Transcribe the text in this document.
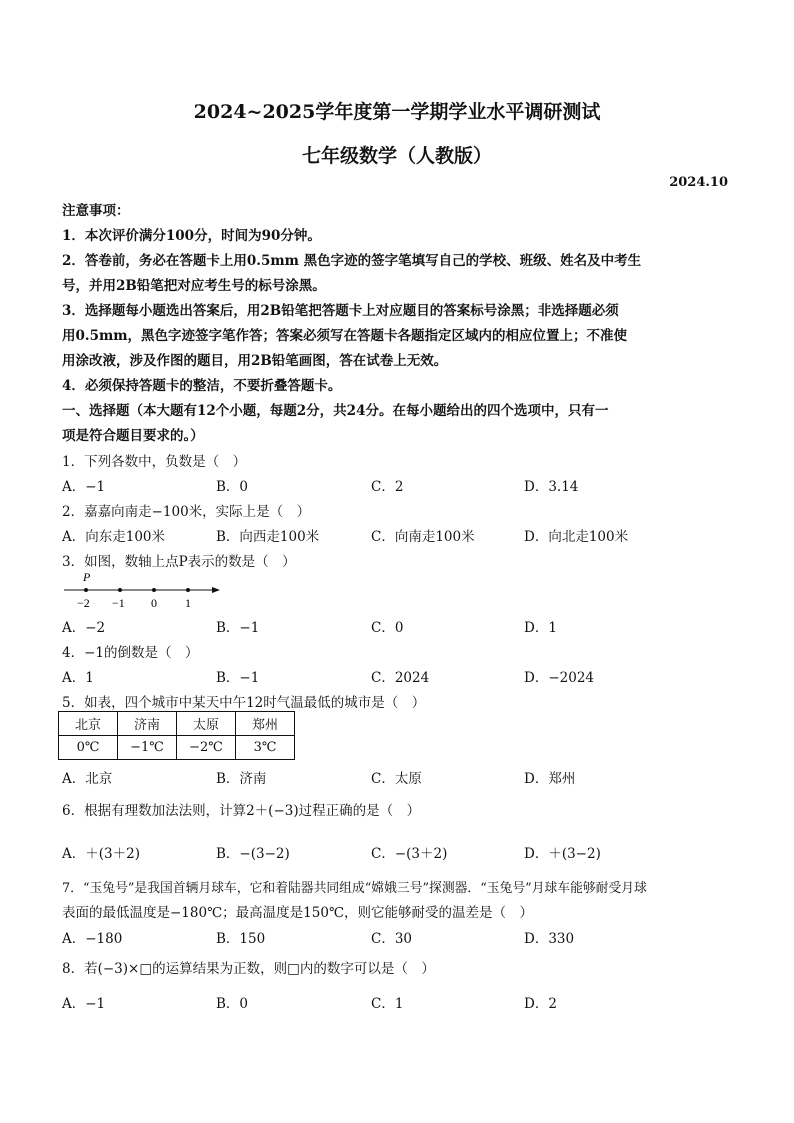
2024~2025学年度第一学期学业水平调研测试
七年级数学（人教版）
2024.10
注意事项：
1．本次评价满分100分，时间为90分钟。
2．答卷前，务必在答题卡上用0.5mm 黑色字迹的签字笔填写自己的学校、班级、姓名及中考生
号，并用2B铅笔把对应考生号的标号涂黑。
3．选择题每小题选出答案后，用2B铅笔把答题卡上对应题目的答案标号涂黑；非选择题必须
用0.5mm，黑色字迹签字笔作答；答案必须写在答题卡各题指定区域内的相应位置上；不准使
用涂改液，涉及作图的题目，用2B铅笔画图，答在试卷上无效。
4．必须保持答题卡的整洁，不要折叠答题卡。
一、选择题（本大题有12个小题，每题2分，共24分。在每小题给出的四个选项中，只有一
项是符合题目要求的。）
1．下列各数中，负数是（　）
A．−1	B．0	C．2	D．3.14
2．嘉嘉向南走−100米，实际上是（　）
A．向东走100米	B．向西走100米	C．向南走100米	D．向北走100米
3．如图，数轴上点P表示的数是（　）
P
−2 −1 0 1
A．−2	B．−1	C．0	D．1
4．−1的倒数是（　）
A．1	B．−1	C．2024	D．−2024
5．如表，四个城市中某天中午12时气温最低的城市是（　）
北京	济南	太原	郑州
0℃	−1℃	−2℃	3℃
A．北京	B．济南	C．太原	D．郑州
6．根据有理数加法法则，计算2＋(−3)过程正确的是（　）
A．＋(3＋2)	B．−(3−2)	C．−(3＋2)	D．＋(3−2)
7．“玉兔号”是我国首辆月球车，它和着陆器共同组成“嫦娥三号”探测器．“玉兔号”月球车能够耐受月球
表面的最低温度是−180℃；最高温度是150℃，则它能够耐受的温差是（　）
A．−180	B．150	C．30	D．330
8．若(−3)×□的运算结果为正数，则□内的数字可以是（　）
A．−1	B．0	C．1	D．2
